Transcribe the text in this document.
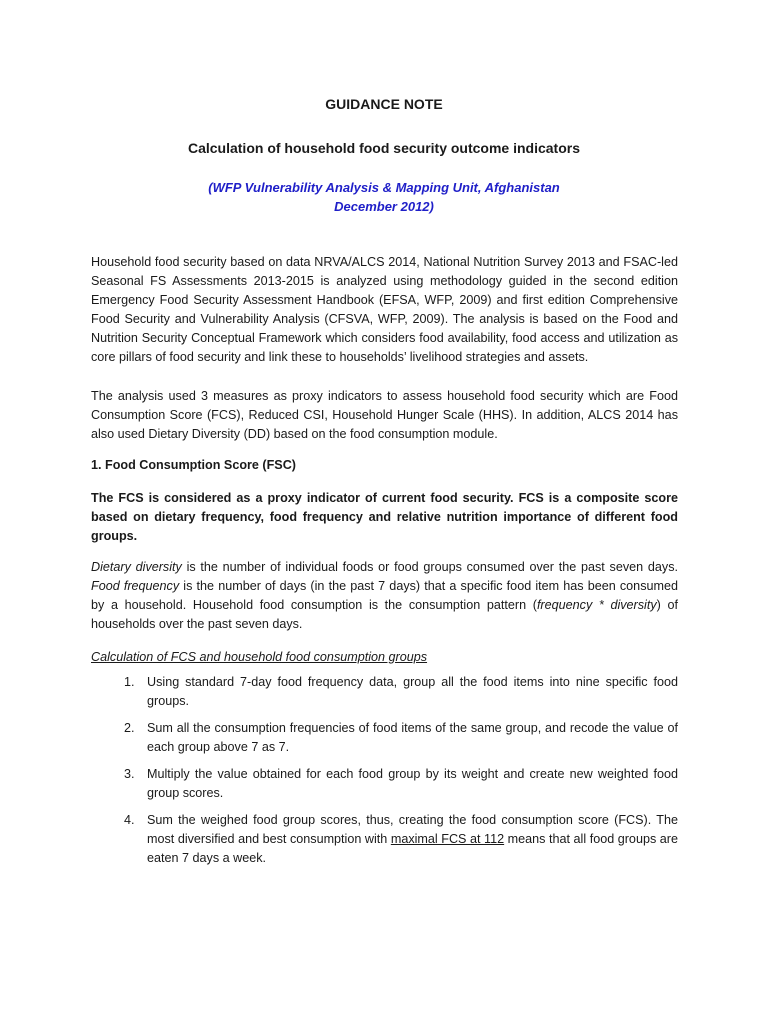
GUIDANCE NOTE
Calculation of household food security outcome indicators
(WFP Vulnerability Analysis & Mapping Unit, Afghanistan
December 2012)

Household food security based on data NRVA/ALCS 2014, National Nutrition Survey 2013 and FSAC-led Seasonal FS Assessments 2013-2015 is analyzed using methodology guided in the second edition Emergency Food Security Assessment Handbook (EFSA, WFP, 2009) and first edition Comprehensive Food Security and Vulnerability Analysis (CFSVA, WFP, 2009). The analysis is based on the Food and Nutrition Security Conceptual Framework which considers food availability, food access and utilization as core pillars of food security and link these to households’ livelihood strategies and assets.

The analysis used 3 measures as proxy indicators to assess household food security which are Food Consumption Score (FCS), Reduced CSI, Household Hunger Scale (HHS). In addition, ALCS 2014 has also used Dietary Diversity (DD) based on the food consumption module.

1. Food Consumption Score (FSC)

The FCS is considered as a proxy indicator of current food security. FCS is a composite score based on dietary frequency, food frequency and relative nutrition importance of different food groups.

Dietary diversity is the number of individual foods or food groups consumed over the past seven days. Food frequency is the number of days (in the past 7 days) that a specific food item has been consumed by a household. Household food consumption is the consumption pattern (frequency * diversity) of households over the past seven days.

Calculation of FCS and household food consumption groups

1. Using standard 7-day food frequency data, group all the food items into nine specific food groups.
2. Sum all the consumption frequencies of food items of the same group, and recode the value of each group above 7 as 7.
3. Multiply the value obtained for each food group by its weight and create new weighted food group scores.
4. Sum the weighed food group scores, thus, creating the food consumption score (FCS). The most diversified and best consumption with maximal FCS at 112 means that all food groups are eaten 7 days a week.
